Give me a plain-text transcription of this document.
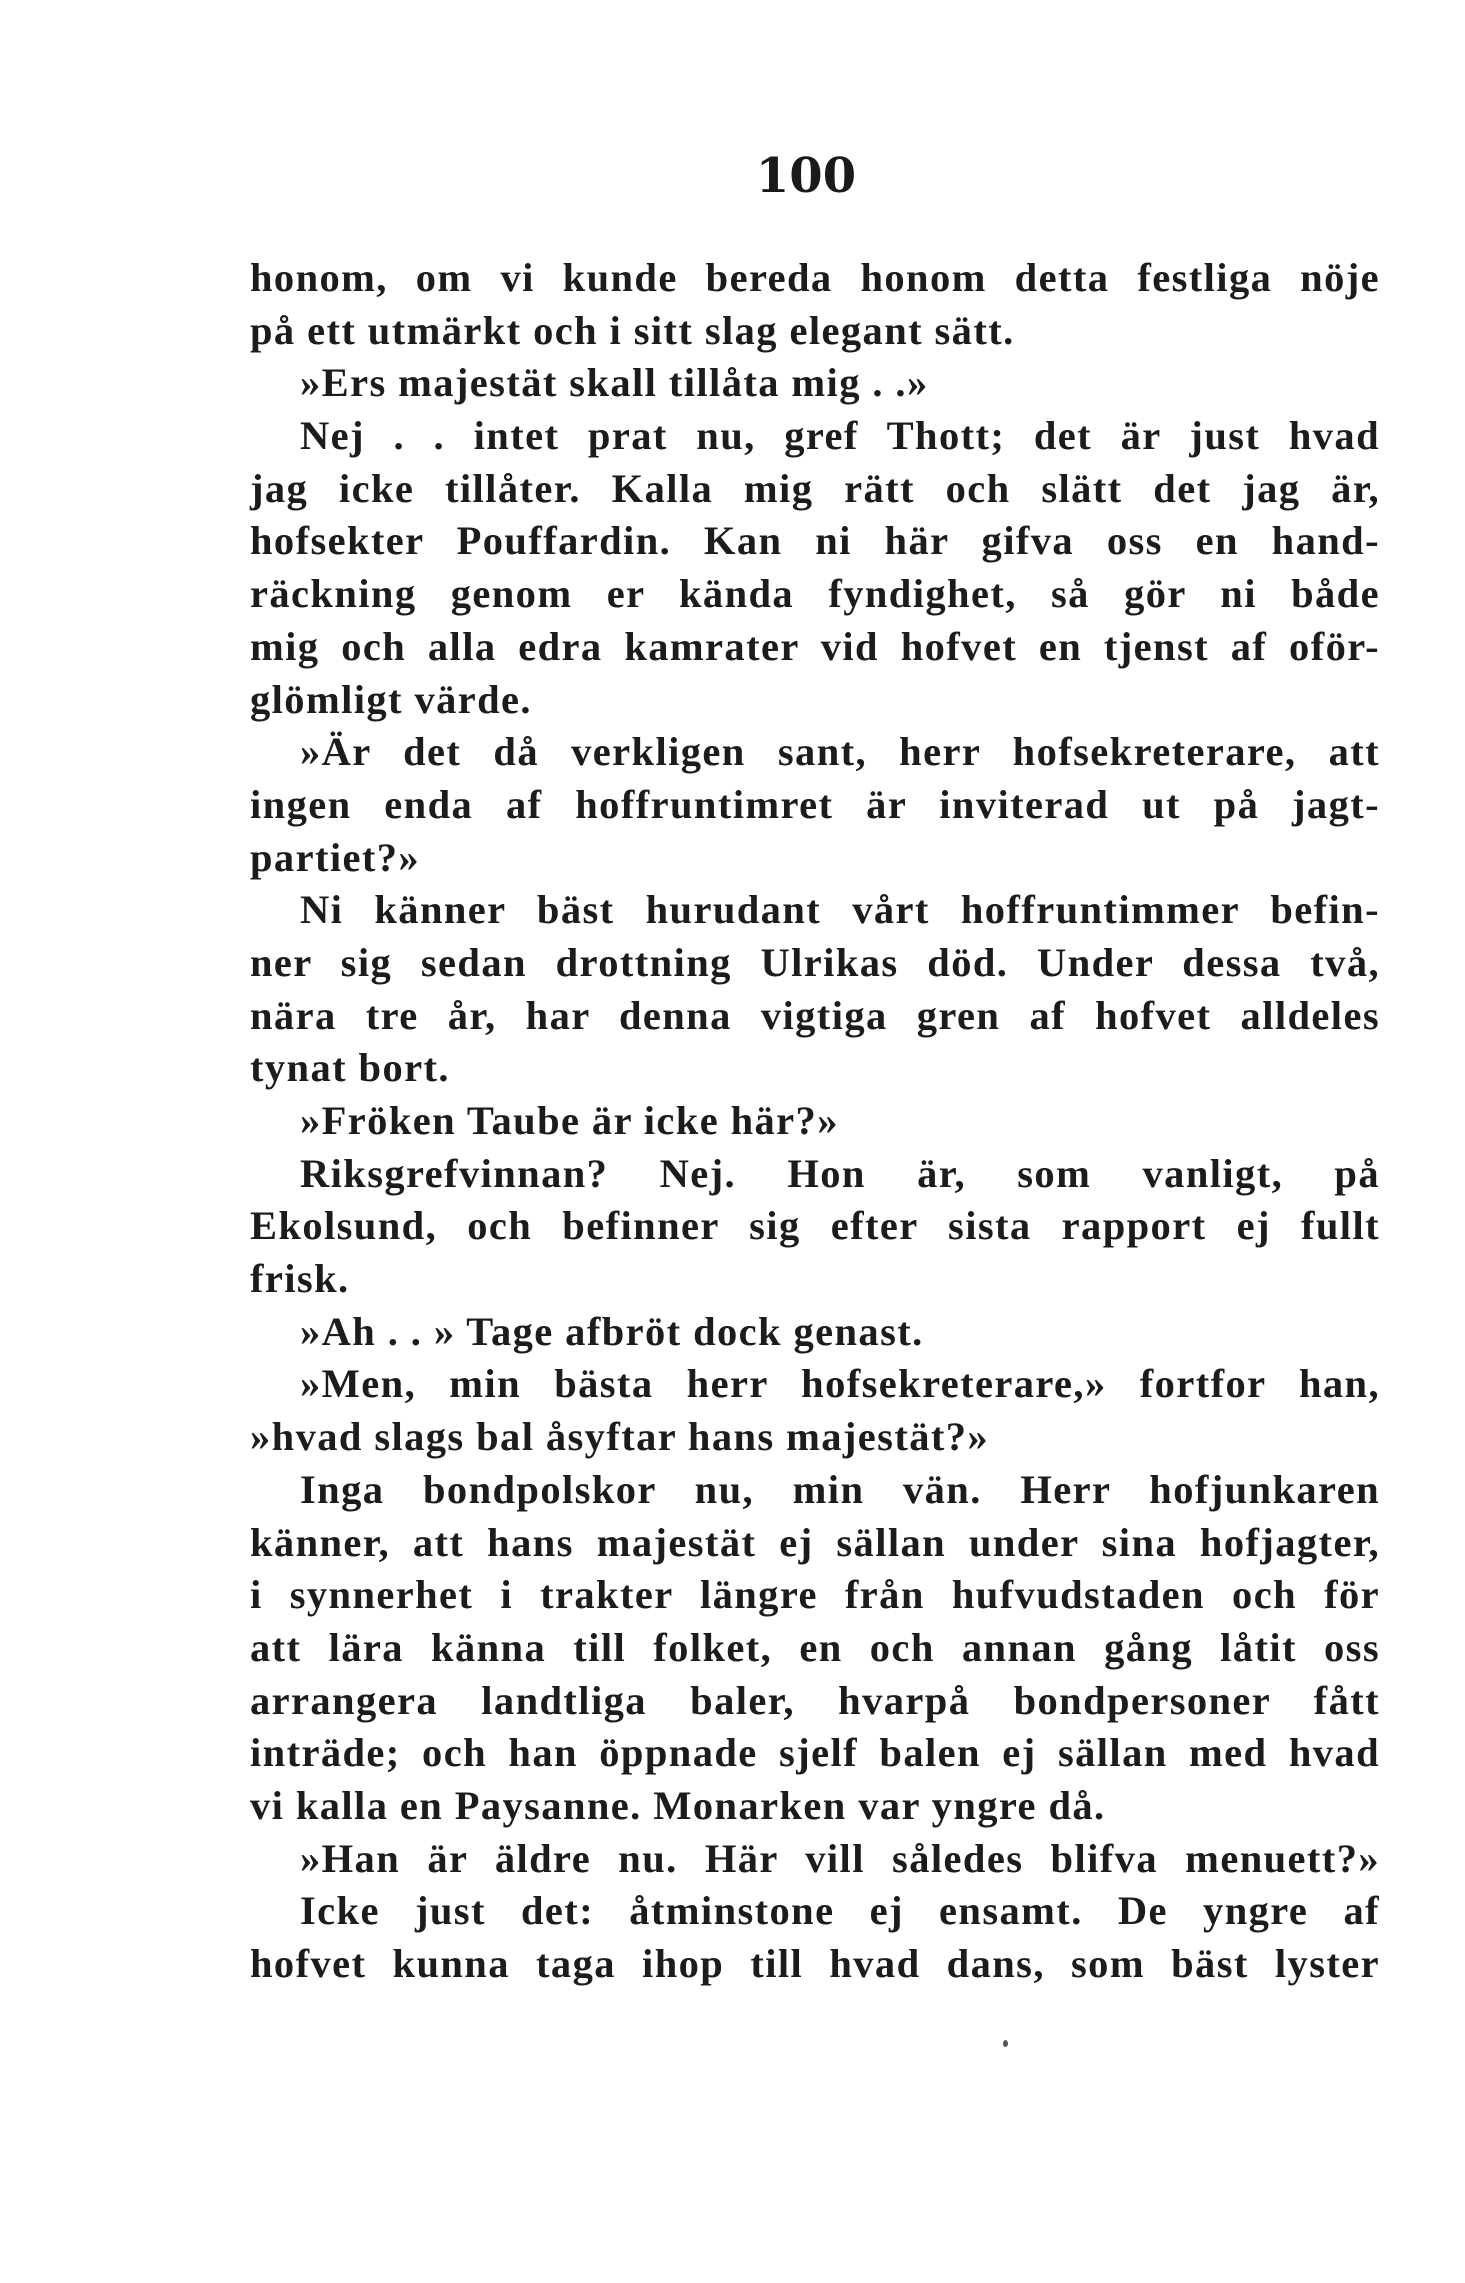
100
honom, om vi kunde bereda honom detta festliga nöje
på ett utmärkt och i sitt slag elegant sätt.
»Ers majestät skall tillåta mig . .»
Nej . . intet prat nu, gref Thott; det är just hvad
jag icke tillåter. Kalla mig rätt och slätt det jag är,
hofsekter Pouffardin. Kan ni här gifva oss en hand-
räckning genom er kända fyndighet, så gör ni både
mig och alla edra kamrater vid hofvet en tjenst af oför-
glömligt värde.
»Är det då verkligen sant, herr hofsekreterare, att
ingen enda af hoffruntimret är inviterad ut på jagt-
partiet?»
Ni känner bäst hurudant vårt hoffruntimmer befin-
ner sig sedan drottning Ulrikas död. Under dessa två,
nära tre år, har denna vigtiga gren af hofvet alldeles
tynat bort.
»Fröken Taube är icke här?»
Riksgrefvinnan? Nej. Hon är, som vanligt, på
Ekolsund, och befinner sig efter sista rapport ej fullt
frisk.
»Ah . . » Tage afbröt dock genast.
»Men, min bästa herr hofsekreterare,» fortfor han,
»hvad slags bal åsyftar hans majestät?»
Inga bondpolskor nu, min vän. Herr hofjunkaren
känner, att hans majestät ej sällan under sina hofjagter,
i synnerhet i trakter längre från hufvudstaden och för
att lära känna till folket, en och annan gång låtit oss
arrangera landtliga baler, hvarpå bondpersoner fått
inträde; och han öppnade sjelf balen ej sällan med hvad
vi kalla en Paysanne. Monarken var yngre då.
»Han är äldre nu. Här vill således blifva menuett?»
Icke just det: åtminstone ej ensamt. De yngre af
hofvet kunna taga ihop till hvad dans, som bäst lyster
